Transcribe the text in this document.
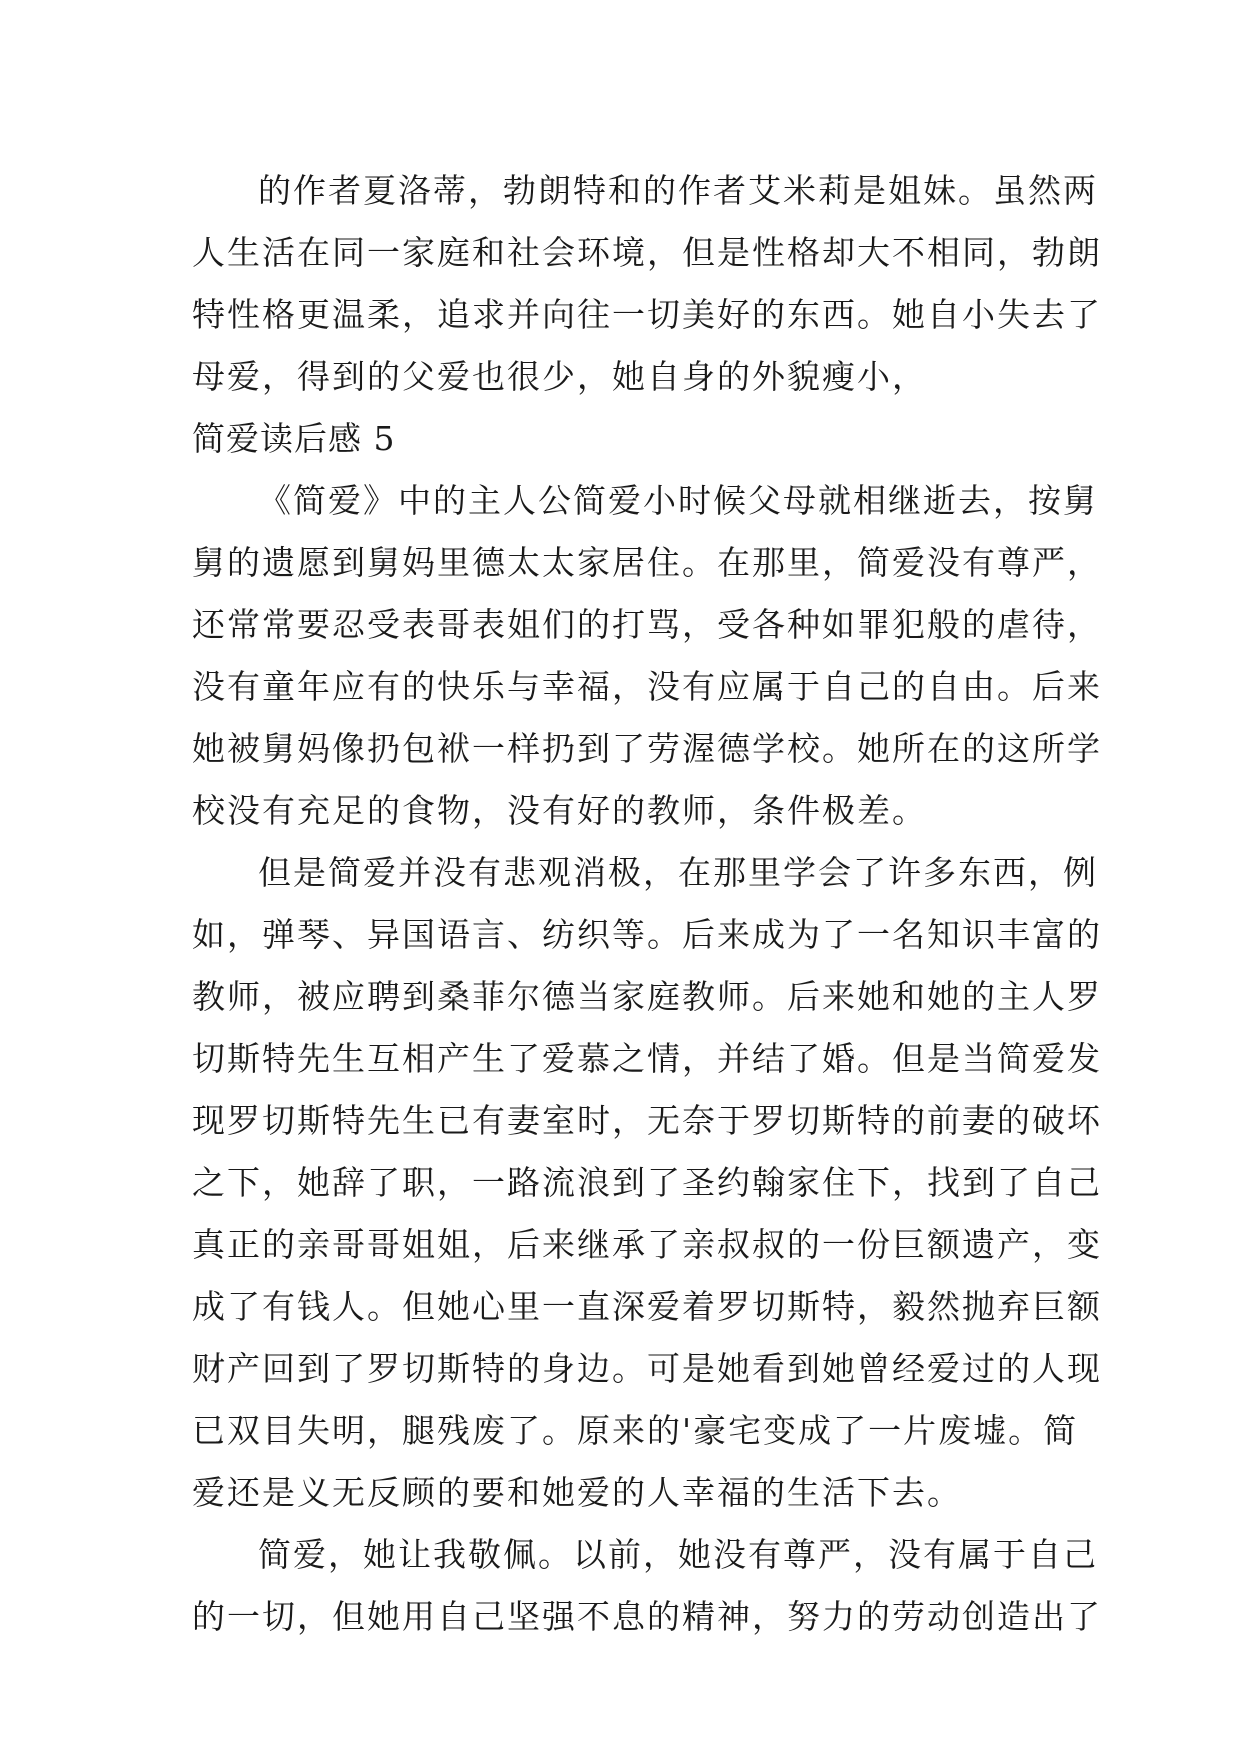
的作者夏洛蒂，勃朗特和的作者艾米莉是姐妹。虽然两
人生活在同一家庭和社会环境，但是性格却大不相同，勃朗
特性格更温柔，追求并向往一切美好的东西。她自小失去了
母爱，得到的父爱也很少，她自身的外貌瘦小，
简爱读后感 5
《简爱》中的主人公简爱小时候父母就相继逝去，按舅
舅的遗愿到舅妈里德太太家居住。在那里，简爱没有尊严，
还常常要忍受表哥表姐们的打骂，受各种如罪犯般的虐待，
没有童年应有的快乐与幸福，没有应属于自己的自由。后来
她被舅妈像扔包袱一样扔到了劳渥德学校。她所在的这所学
校没有充足的食物，没有好的教师，条件极差。
但是简爱并没有悲观消极，在那里学会了许多东西，例
如，弹琴、异国语言、纺织等。后来成为了一名知识丰富的
教师，被应聘到桑菲尔德当家庭教师。后来她和她的主人罗
切斯特先生互相产生了爱慕之情，并结了婚。但是当简爱发
现罗切斯特先生已有妻室时，无奈于罗切斯特的前妻的破坏
之下，她辞了职，一路流浪到了圣约翰家住下，找到了自己
真正的亲哥哥姐姐，后来继承了亲叔叔的一份巨额遗产，变
成了有钱人。但她心里一直深爱着罗切斯特，毅然抛弃巨额
财产回到了罗切斯特的身边。可是她看到她曾经爱过的人现
已双目失明，腿残废了。原来的'豪宅变成了一片废墟。简
爱还是义无反顾的要和她爱的人幸福的生活下去。
简爱，她让我敬佩。以前，她没有尊严，没有属于自己
的一切，但她用自己坚强不息的精神，努力的劳动创造出了
